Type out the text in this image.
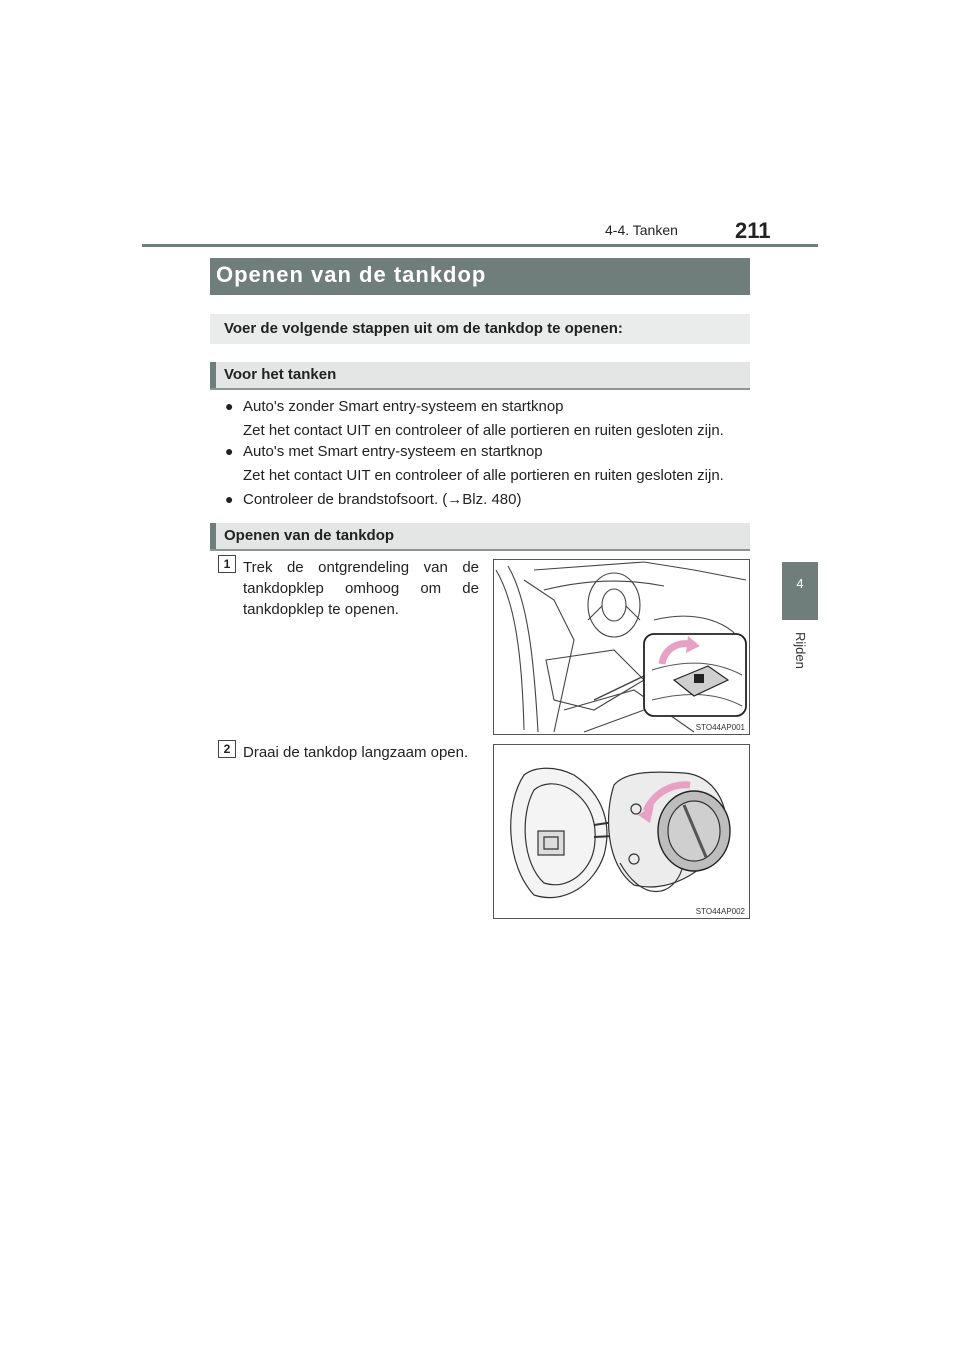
4-4. Tanken	211
4
Rijden
Openen van de tankdop
Voer de volgende stappen uit om de tankdop te openen:
Voor het tanken
● Auto's zonder Smart entry-systeem en startknop
Zet het contact UIT en controleer of alle portieren en ruiten gesloten zijn.
● Auto's met Smart entry-systeem en startknop
Zet het contact UIT en controleer of alle portieren en ruiten gesloten zijn.
● Controleer de brandstofsoort. (→Blz. 480)
Openen van de tankdop
1 Trek de ontgrendeling van de
tankdopklep omhoog om de
tankdopklep te openen.
STO44AP001
2 Draai de tankdop langzaam open.
STO44AP002
